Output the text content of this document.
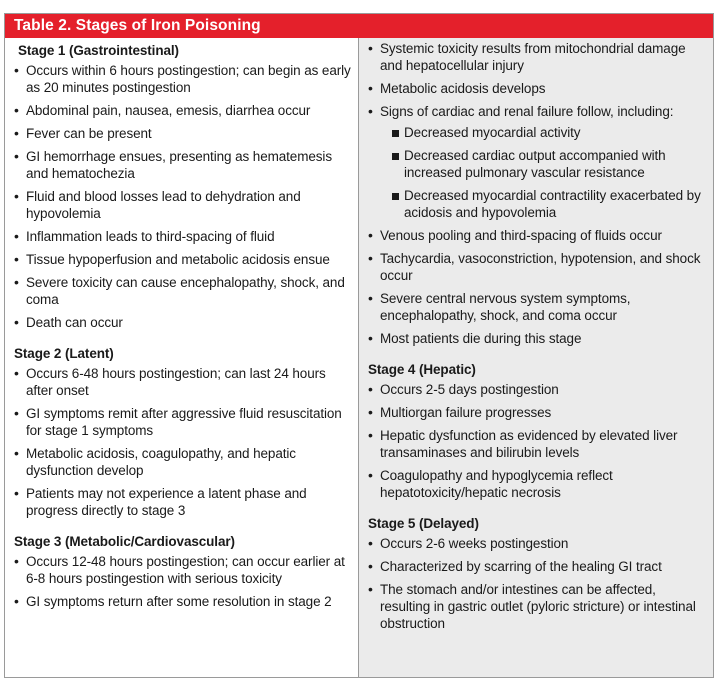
Table 2. Stages of Iron Poisoning
Stage 1 (Gastrointestinal)
• Occurs within 6 hours postingestion; can begin as early as 20 minutes postingestion
• Abdominal pain, nausea, emesis, diarrhea occur
• Fever can be present
• GI hemorrhage ensues, presenting as hematemesis and hematochezia
• Fluid and blood losses lead to dehydration and hypovolemia
• Inflammation leads to third-spacing of fluid
• Tissue hypoperfusion and metabolic acidosis ensue
• Severe toxicity can cause encephalopathy, shock, and coma
• Death can occur
Stage 2 (Latent)
• Occurs 6-48 hours postingestion; can last 24 hours after onset
• GI symptoms remit after aggressive fluid resuscitation for stage 1 symptoms
• Metabolic acidosis, coagulopathy, and hepatic dysfunction develop
• Patients may not experience a latent phase and progress directly to stage 3
Stage 3 (Metabolic/Cardiovascular)
• Occurs 12-48 hours postingestion; can occur earlier at 6-8 hours postingestion with serious toxicity
• GI symptoms return after some resolution in stage 2
• Systemic toxicity results from mitochondrial damage and hepatocellular injury
• Metabolic acidosis develops
• Signs of cardiac and renal failure follow, including:
Decreased myocardial activity
Decreased cardiac output accompanied with increased pulmonary vascular resistance
Decreased myocardial contractility exacerbated by acidosis and hypovolemia
• Venous pooling and third-spacing of fluids occur
• Tachycardia, vasoconstriction, hypotension, and shock occur
• Severe central nervous system symptoms, encephalopathy, shock, and coma occur
• Most patients die during this stage
Stage 4 (Hepatic)
• Occurs 2-5 days postingestion
• Multiorgan failure progresses
• Hepatic dysfunction as evidenced by elevated liver transaminases and bilirubin levels
• Coagulopathy and hypoglycemia reflect hepatotoxicity/hepatic necrosis
Stage 5 (Delayed)
• Occurs 2-6 weeks postingestion
• Characterized by scarring of the healing GI tract
• The stomach and/or intestines can be affected, resulting in gastric outlet (pyloric stricture) or intestinal obstruction
